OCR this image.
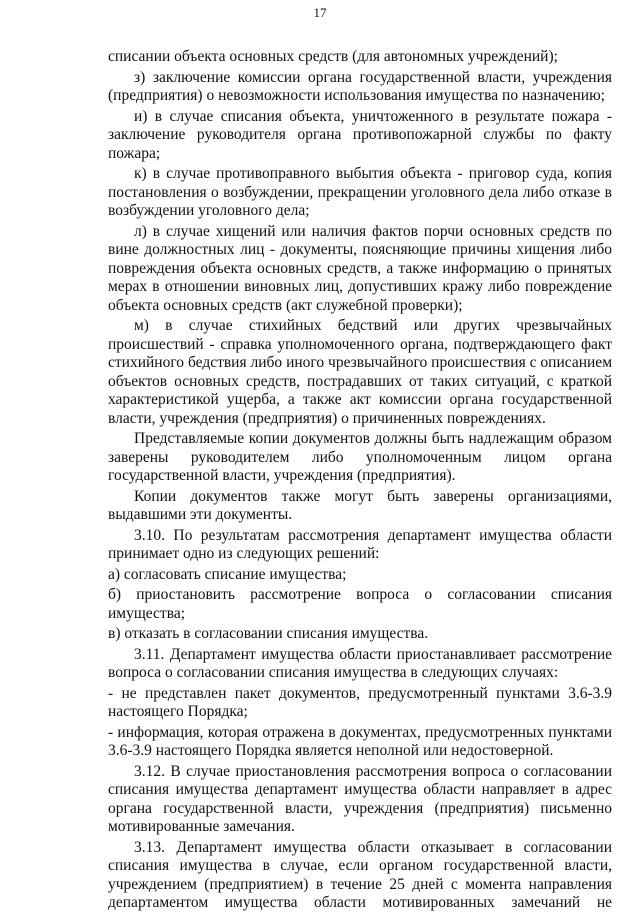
17

списании объекта основных средств (для автономных учреждений);

з) заключение комиссии органа государственной власти, учреждения (предприятия) о невозможности использования имущества по назначению;

и) в случае списания объекта, уничтоженного в результате пожара - заключение руководителя органа противопожарной службы по факту пожара;

к) в случае противоправного выбытия объекта - приговор суда, копия постановления о возбуждении, прекращении уголовного дела либо отказе в возбуждении уголовного дела;

л) в случае хищений или наличия фактов порчи основных средств по вине должностных лиц - документы, поясняющие причины хищения либо повреждения объекта основных средств, а также информацию о принятых мерах в отношении виновных лиц, допустивших кражу либо повреждение объекта основных средств (акт служебной проверки);

м) в случае стихийных бедствий или других чрезвычайных происшествий - справка уполномоченного органа, подтверждающего факт стихийного бедствия либо иного чрезвычайного происшествия с описанием объектов основных средств, пострадавших от таких ситуаций, с краткой характеристикой ущерба, а также акт комиссии органа государственной власти, учреждения (предприятия) о причиненных повреждениях.

Представляемые копии документов должны быть надлежащим образом заверены руководителем либо уполномоченным лицом органа государственной власти, учреждения (предприятия).

Копии документов также могут быть заверены организациями, выдавшими эти документы.

3.10. По результатам рассмотрения департамент имущества области принимает одно из следующих решений:

а) согласовать списание имущества;

б) приостановить рассмотрение вопроса о согласовании списания имущества;

в) отказать в согласовании списания имущества.

3.11. Департамент имущества области приостанавливает рассмотрение вопроса о согласовании списания имущества в следующих случаях:

- не представлен пакет документов, предусмотренный пунктами 3.6-3.9 настоящего Порядка;

- информация, которая отражена в документах, предусмотренных пунктами 3.6-3.9 настоящего Порядка является неполной или недостоверной.

3.12. В случае приостановления рассмотрения вопроса о согласовании списания имущества департамент имущества области направляет в адрес органа государственной власти, учреждения (предприятия) письменно мотивированные замечания.

3.13. Департамент имущества области отказывает в согласовании списания имущества в случае, если органом государственной власти, учреждением (предприятием) в течение 25 дней с момента направления департаментом имущества области мотивированных замечаний не
